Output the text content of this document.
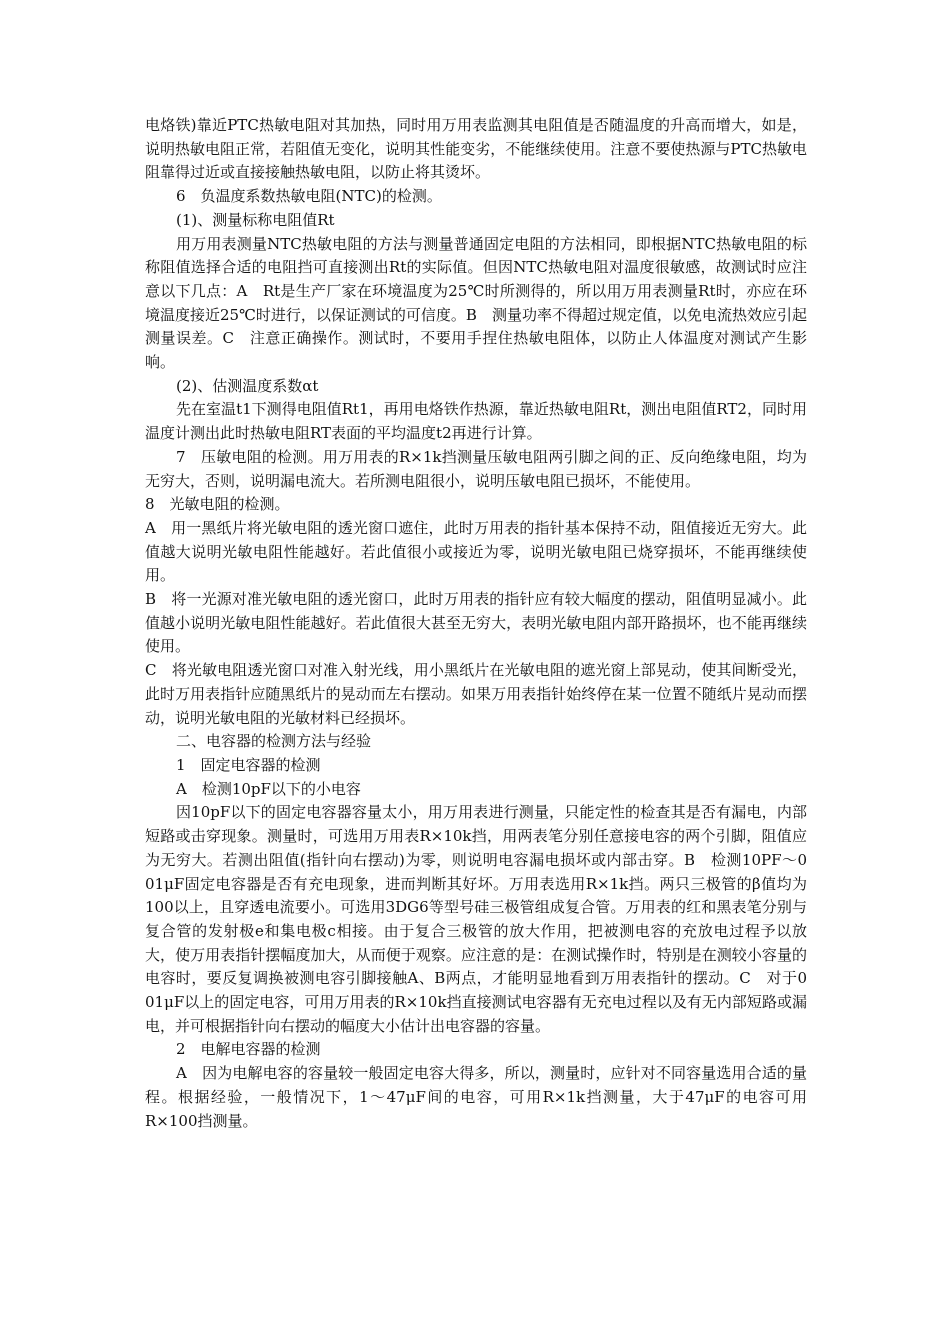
电烙铁)靠近PTC热敏电阻对其加热，同时用万用表监测其电阻值是否随温度的升高而增大，如是，说明热敏电阻正常，若阻值无变化，说明其性能变劣，不能继续使用。注意不要使热源与PTC热敏电阻靠得过近或直接接触热敏电阻，以防止将其烫坏。

6　负温度系数热敏电阻(NTC)的检测。

(1)、测量标称电阻值Rt

用万用表测量NTC热敏电阻的方法与测量普通固定电阻的方法相同，即根据NTC热敏电阻的标称阻值选择合适的电阻挡可直接测出Rt的实际值。但因NTC热敏电阻对温度很敏感，故测试时应注意以下几点：A　Rt是生产厂家在环境温度为25℃时所测得的，所以用万用表测量Rt时，亦应在环境温度接近25℃时进行，以保证测试的可信度。B　测量功率不得超过规定值，以免电流热效应引起测量误差。C　注意正确操作。测试时，不要用手捏住热敏电阻体，以防止人体温度对测试产生影响。

(2)、估测温度系数αt

先在室温t1下测得电阻值Rt1，再用电烙铁作热源，靠近热敏电阻Rt，测出电阻值RT2，同时用温度计测出此时热敏电阻RT表面的平均温度t2再进行计算。

7　压敏电阻的检测。用万用表的R×1k挡测量压敏电阻两引脚之间的正、反向绝缘电阻，均为无穷大，否则，说明漏电流大。若所测电阻很小，说明压敏电阻已损坏，不能使用。

8　光敏电阻的检测。

A　用一黑纸片将光敏电阻的透光窗口遮住，此时万用表的指针基本保持不动，阻值接近无穷大。此值越大说明光敏电阻性能越好。若此值很小或接近为零，说明光敏电阻已烧穿损坏，不能再继续使用。

B　将一光源对准光敏电阻的透光窗口，此时万用表的指针应有较大幅度的摆动，阻值明显减小。此值越小说明光敏电阻性能越好。若此值很大甚至无穷大，表明光敏电阻内部开路损坏，也不能再继续使用。

C　将光敏电阻透光窗口对准入射光线，用小黑纸片在光敏电阻的遮光窗上部晃动，使其间断受光，此时万用表指针应随黑纸片的晃动而左右摆动。如果万用表指针始终停在某一位置不随纸片晃动而摆动，说明光敏电阻的光敏材料已经损坏。

二、电容器的检测方法与经验

1　固定电容器的检测

A　检测10pF以下的小电容

因10pF以下的固定电容器容量太小，用万用表进行测量，只能定性的检查其是否有漏电，内部短路或击穿现象。测量时，可选用万用表R×10k挡，用两表笔分别任意接电容的两个引脚，阻值应为无穷大。若测出阻值(指针向右摆动)为零，则说明电容漏电损坏或内部击穿。B　检测10PF～0　01μF固定电容器是否有充电现象，进而判断其好坏。万用表选用R×1k挡。两只三极管的β值均为100以上，且穿透电流要小。可选用3DG6等型号硅三极管组成复合管。万用表的红和黑表笔分别与复合管的发射极e和集电极c相接。由于复合三极管的放大作用，把被测电容的充放电过程予以放大，使万用表指针摆幅度加大，从而便于观察。应注意的是：在测试操作时，特别是在测较小容量的电容时，要反复调换被测电容引脚接触A、B两点，才能明显地看到万用表指针的摆动。C　对于0　01μF以上的固定电容，可用万用表的R×10k挡直接测试电容器有无充电过程以及有无内部短路或漏电，并可根据指针向右摆动的幅度大小估计出电容器的容量。

2　电解电容器的检测

A　因为电解电容的容量较一般固定电容大得多，所以，测量时，应针对不同容量选用合适的量程。根据经验，一般情况下，1～47μF间的电容，可用R×1k挡测量，大于47μF的电容可用R×100挡测量。
